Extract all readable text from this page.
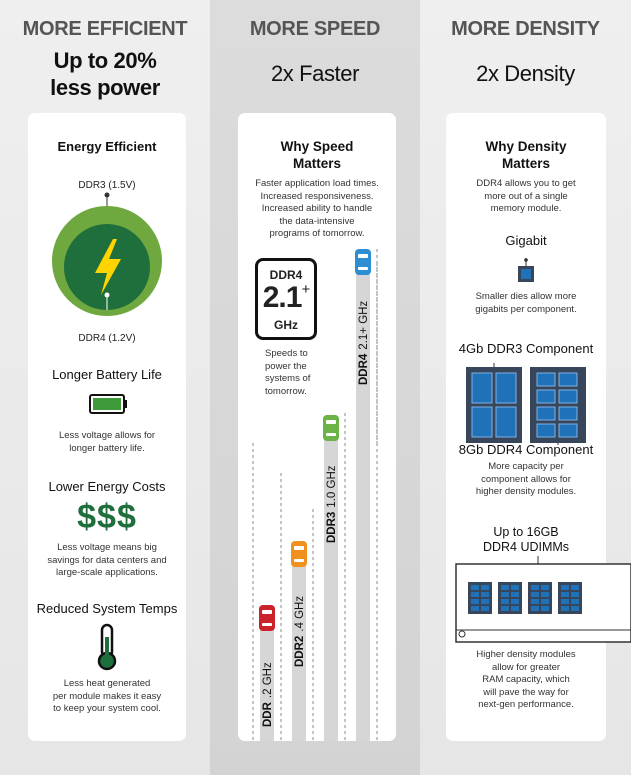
MORE EFFICIENT
Up to 20%
less power
Energy Efficient
DDR3 (1.5V)
DDR4 (1.2V)
Longer Battery Life
Less voltage allows for
longer battery life.
Lower Energy Costs
$$$
Less voltage means big
savings for data centers and
large-scale applications.
Reduced System Temps
Less heat generated
per module makes it easy
to keep your system cool.
MORE SPEED
2x Faster
Why Speed
Matters
Faster application load times.
Increased responsiveness.
Increased ability to handle
the data-intensive
programs of tomorrow.
DDR4
2.1+
GHz
Speeds to
power the
systems of
tomorrow.
DDR.2 GHz
DDR2.4 GHz
DDR31.0 GHz
DDR42.1+ GHz
MORE DENSITY
2x Density
Why Density
Matters
DDR4 allows you to get
more out of a single
memory module.
Gigabit
Smaller dies allow more
gigabits per component.
4Gb DDR3 Component
8Gb DDR4 Component
More capacity per
component allows for
higher density modules.
Up to 16GB
DDR4 UDIMMs
Higher density modules
allow for greater
RAM capacity, which
will pave the way for
next-gen performance.
